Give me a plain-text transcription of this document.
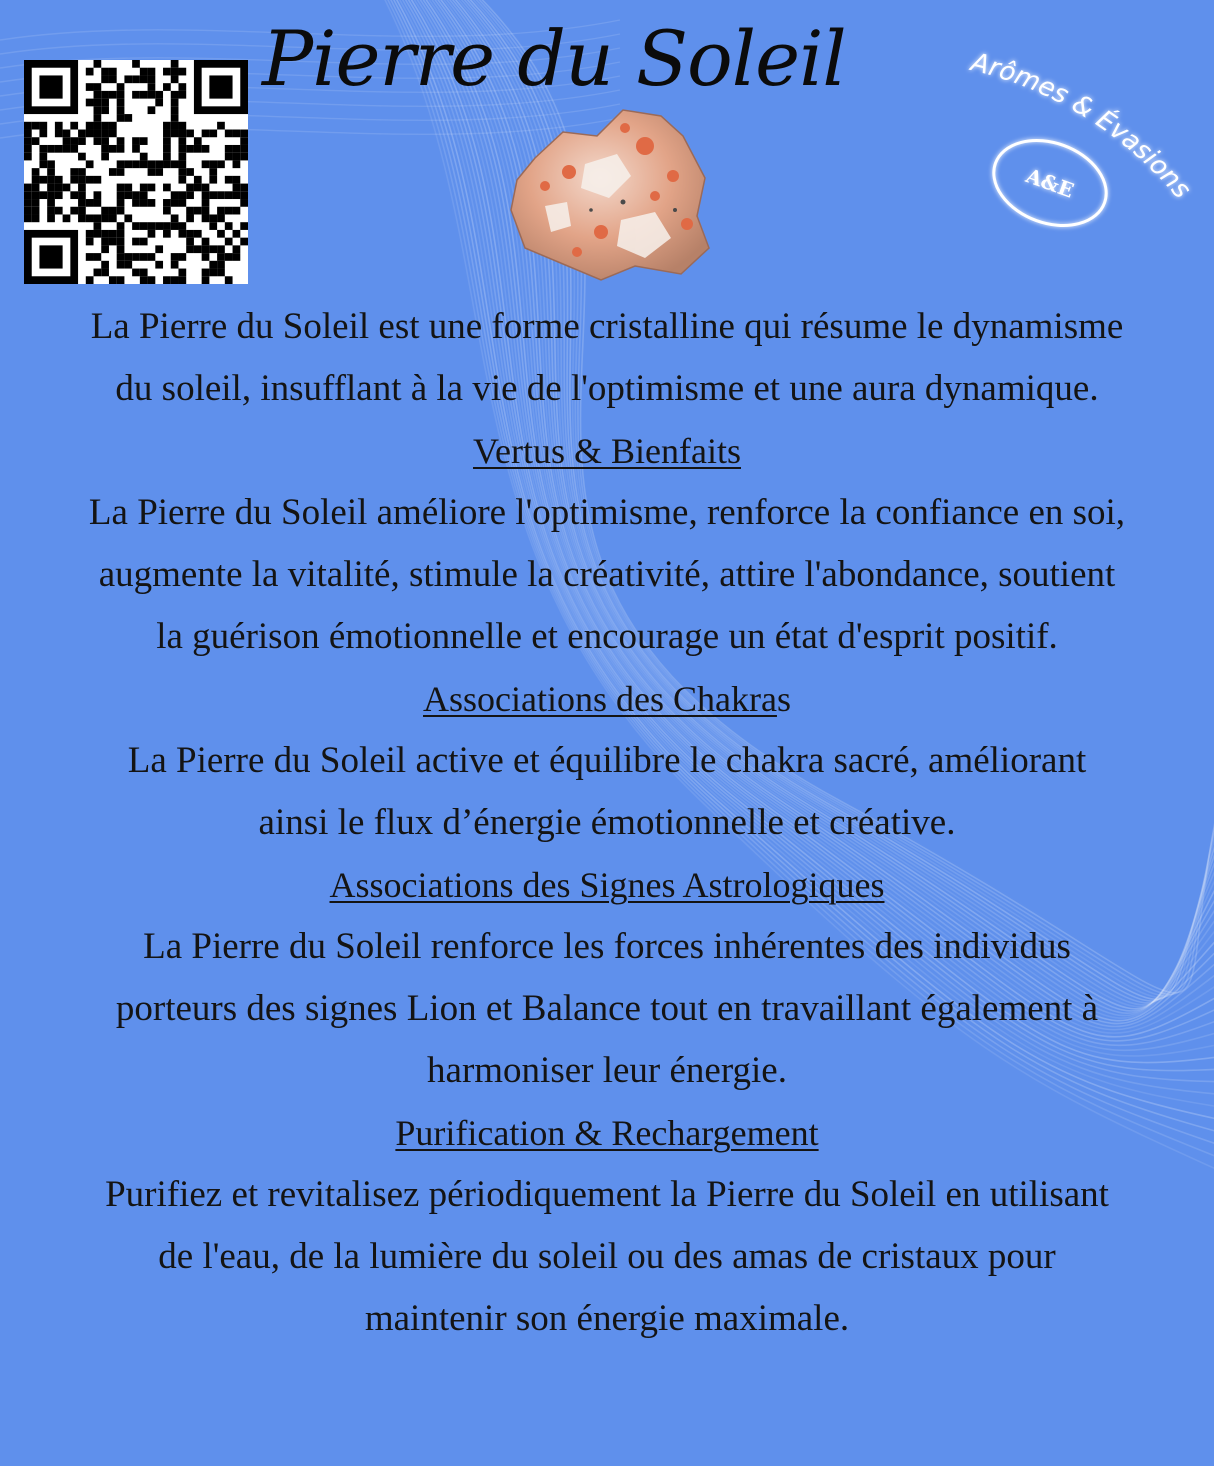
Pierre du Soleil	Arômes & Évasions
A&E

La Pierre du Soleil est une forme cristalline qui résume le dynamisme

du soleil, insufflant à la vie de l'optimisme et une aura dynamique.

Vertus & Bienfaits

La Pierre du Soleil améliore l'optimisme, renforce la confiance en soi,

augmente la vitalité, stimule la créativité, attire l'abondance, soutient

la guérison émotionnelle et encourage un état d'esprit positif.

Associations des Chakras

La Pierre du Soleil active et équilibre le chakra sacré, améliorant

ainsi le flux d’énergie émotionnelle et créative.

Associations des Signes Astrologiques

La Pierre du Soleil renforce les forces inhérentes des individus

porteurs des signes Lion et Balance tout en travaillant également à

harmoniser leur énergie.

Purification & Rechargement

Purifiez et revitalisez périodiquement la Pierre du Soleil en utilisant

de l'eau, de la lumière du soleil ou des amas de cristaux pour

maintenir son énergie maximale.
